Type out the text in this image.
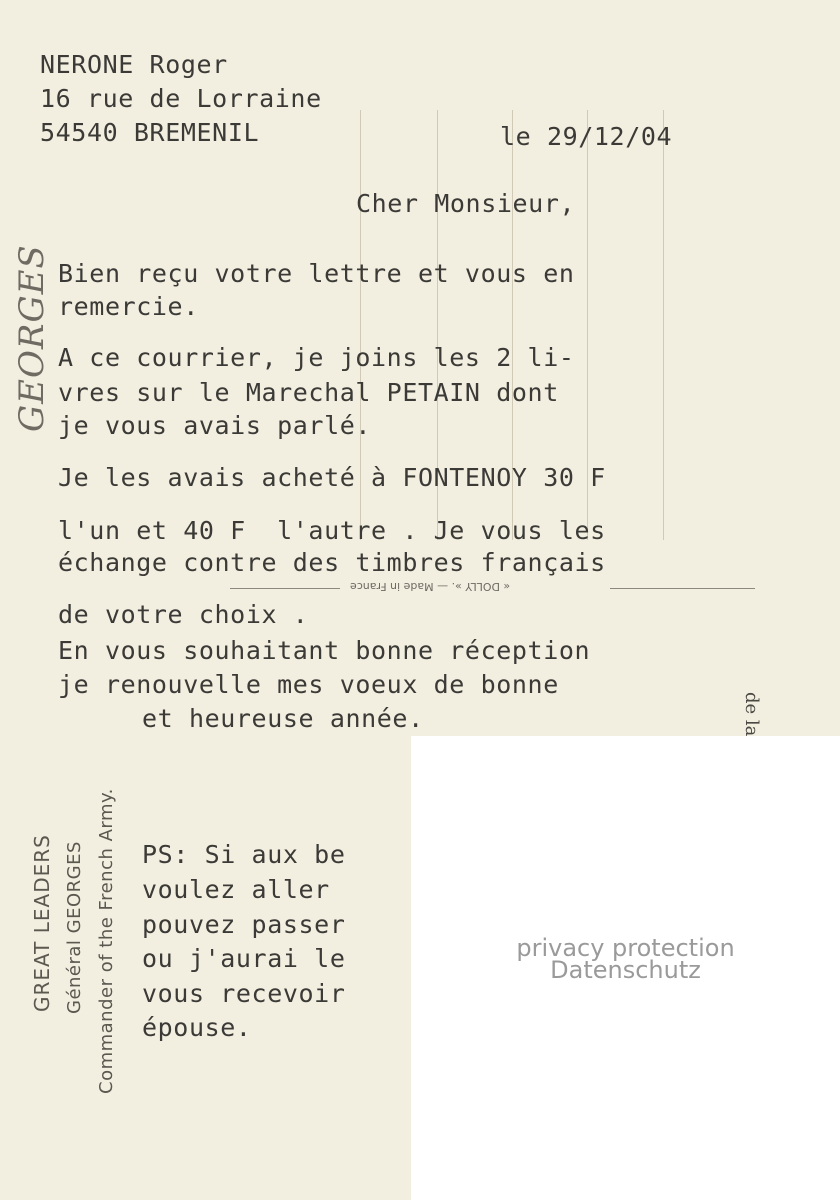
NERONE Roger
16 rue de Lorraine
54540 BREMENIL	le 29/12/04
Cher Monsieur,
Bien reçu votre lettre et vous en
remercie.
A ce courrier, je joins les 2 li-
vres sur le Marechal PETAIN dont
je vous avais parlé.
Je les avais acheté à FONTENOY 30 F
l'un et 40 F  l'autre . Je vous les
échange contre des timbres français
« DOLLY ». — Made in France
de votre choix .
En vous souhaitant bonne réception
je renouvelle mes voeux de bonne
et heureuse année.	de la
PS: Si aux be
voulez aller
pouvez passer
ou j'aurai le
vous recevoir
épouse.
GEORGES
GREAT LEADERS Général GEORGES Commander of the French Army.	privacy protection
Datenschutz
